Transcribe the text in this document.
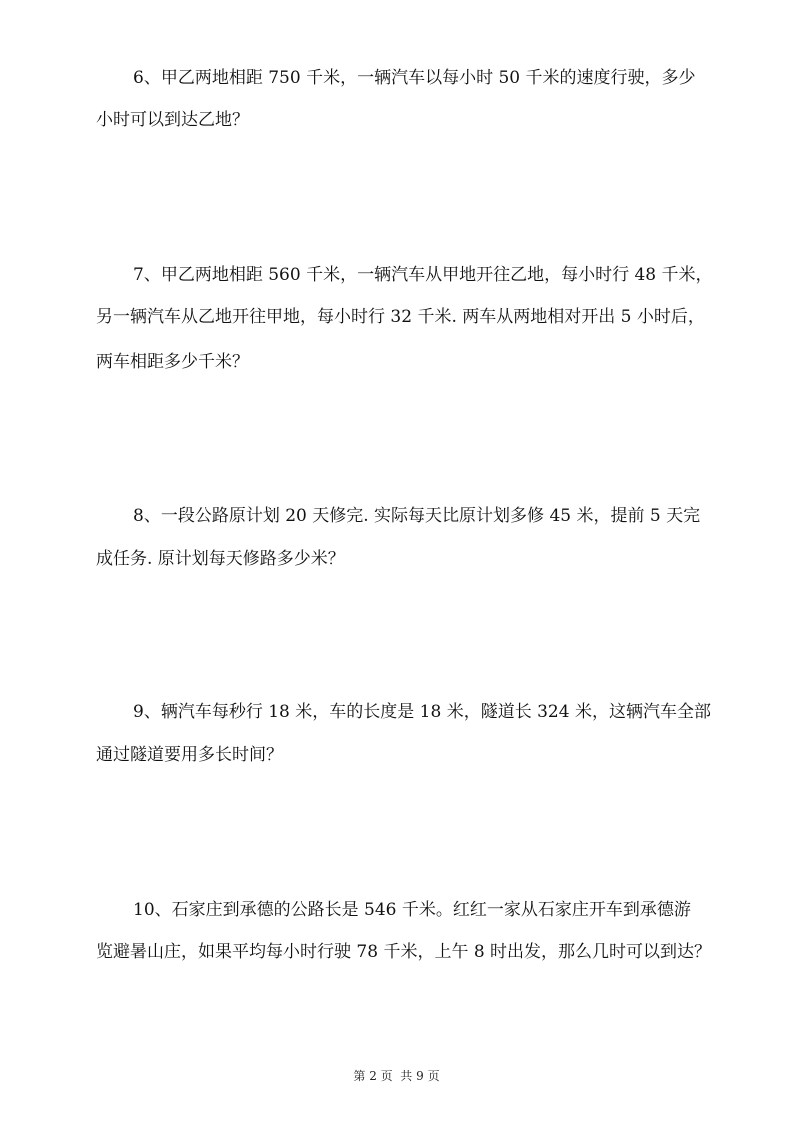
6、甲乙两地相距 750 千米，一辆汽车以每小时 50 千米的速度行驶，多少
小时可以到达乙地？
7、甲乙两地相距 560 千米，一辆汽车从甲地开往乙地，每小时行 48 千米，
另一辆汽车从乙地开往甲地，每小时行 32 千米. 两车从两地相对开出 5 小时后，
两车相距多少千米？
8、一段公路原计划 20 天修完. 实际每天比原计划多修 45 米，提前 5 天完
成任务. 原计划每天修路多少米？
9、辆汽车每秒行 18 米，车的长度是 18 米，隧道长 324 米，这辆汽车全部
通过隧道要用多长时间？
10、石家庄到承德的公路长是 546 千米。红红一家从石家庄开车到承德游
览避暑山庄，如果平均每小时行驶 78 千米，上午 8 时出发，那么几时可以到达？
第 2 页  共 9 页
